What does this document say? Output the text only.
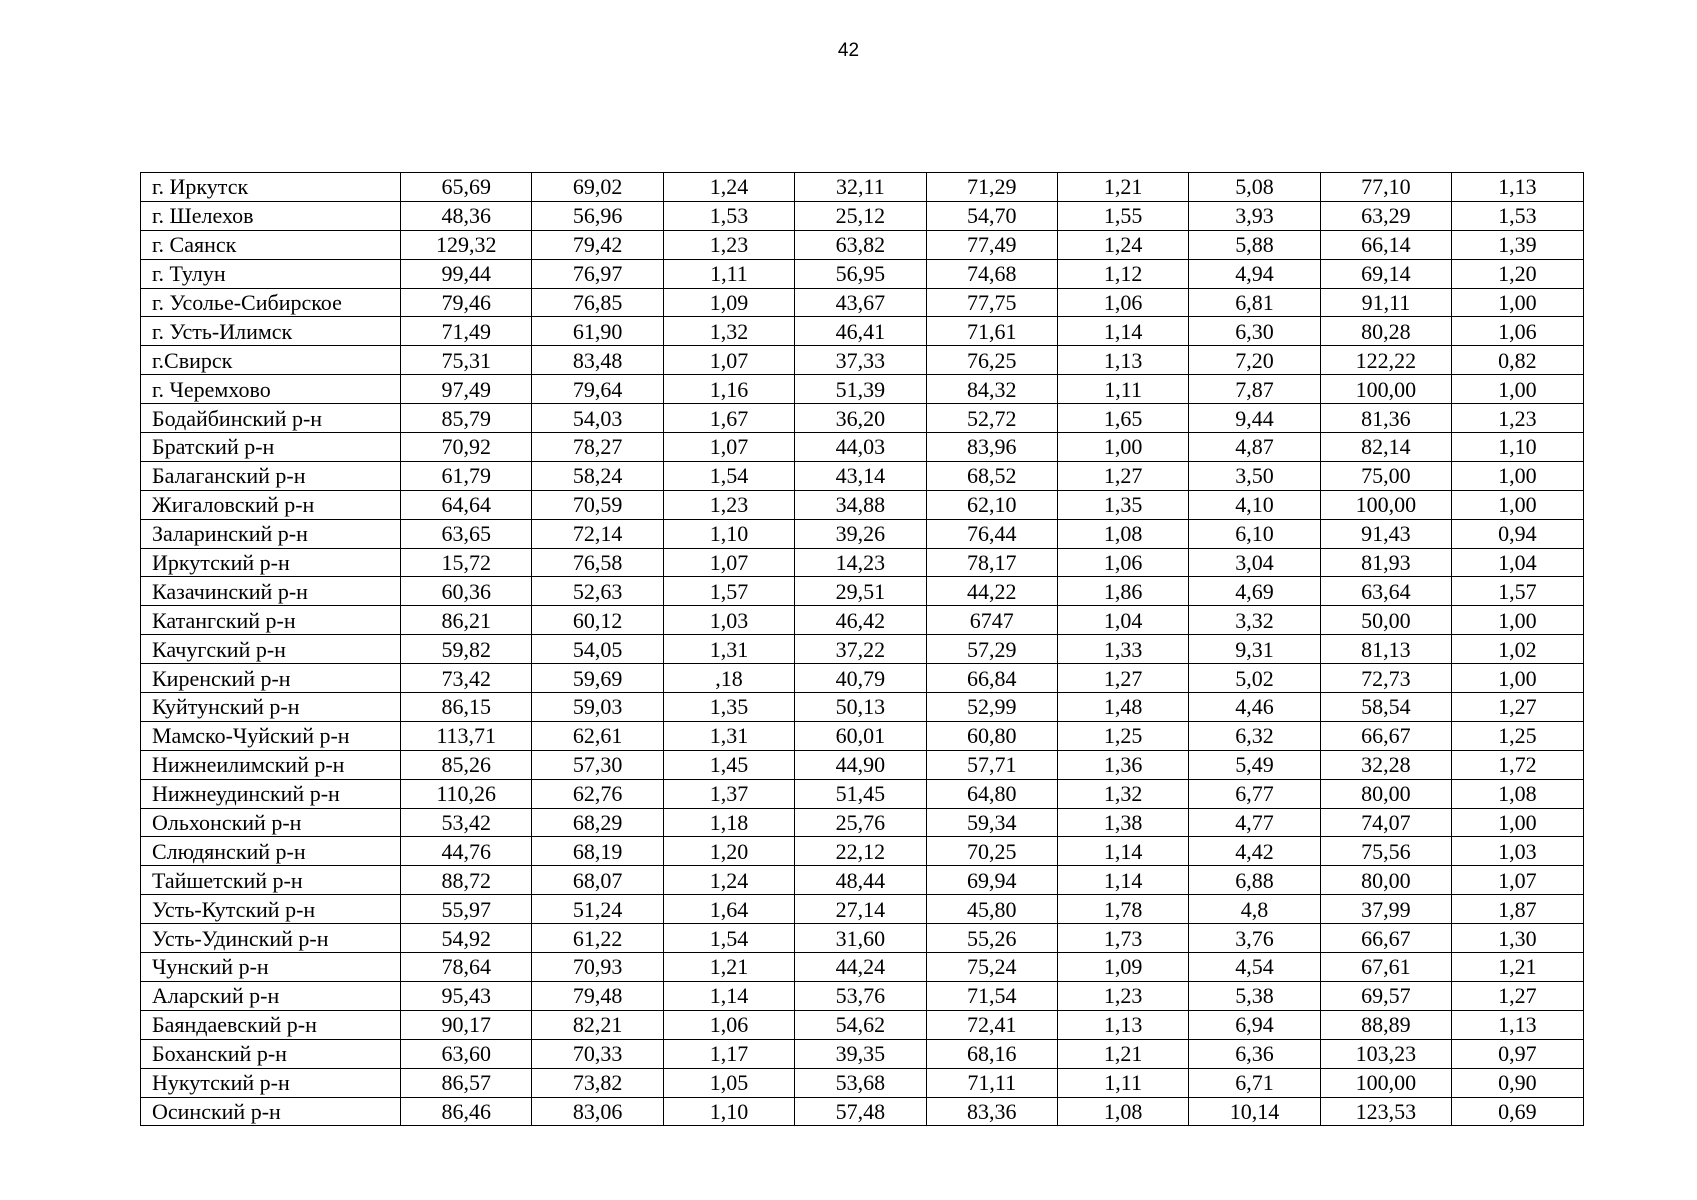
42
г. Иркутск	65,69	69,02	1,24	32,11	71,29	1,21	5,08	77,10	1,13
г. Шелехов	48,36	56,96	1,53	25,12	54,70	1,55	3,93	63,29	1,53
г. Саянск	129,32	79,42	1,23	63,82	77,49	1,24	5,88	66,14	1,39
г. Тулун	99,44	76,97	1,11	56,95	74,68	1,12	4,94	69,14	1,20
г. Усолье-Сибирское	79,46	76,85	1,09	43,67	77,75	1,06	6,81	91,11	1,00
г. Усть-Илимск	71,49	61,90	1,32	46,41	71,61	1,14	6,30	80,28	1,06
г.Свирск	75,31	83,48	1,07	37,33	76,25	1,13	7,20	122,22	0,82
г. Черемхово	97,49	79,64	1,16	51,39	84,32	1,11	7,87	100,00	1,00
Бодайбинский р-н	85,79	54,03	1,67	36,20	52,72	1,65	9,44	81,36	1,23
Братский р-н	70,92	78,27	1,07	44,03	83,96	1,00	4,87	82,14	1,10
Балаганский р-н	61,79	58,24	1,54	43,14	68,52	1,27	3,50	75,00	1,00
Жигаловский р-н	64,64	70,59	1,23	34,88	62,10	1,35	4,10	100,00	1,00
Заларинский р-н	63,65	72,14	1,10	39,26	76,44	1,08	6,10	91,43	0,94
Иркутский р-н	15,72	76,58	1,07	14,23	78,17	1,06	3,04	81,93	1,04
Казачинский р-н	60,36	52,63	1,57	29,51	44,22	1,86	4,69	63,64	1,57
Катангский р-н	86,21	60,12	1,03	46,42	6747	1,04	3,32	50,00	1,00
Качугский р-н	59,82	54,05	1,31	37,22	57,29	1,33	9,31	81,13	1,02
Киренский р-н	73,42	59,69	,18	40,79	66,84	1,27	5,02	72,73	1,00
Куйтунский р-н	86,15	59,03	1,35	50,13	52,99	1,48	4,46	58,54	1,27
Мамско-Чуйский р-н	113,71	62,61	1,31	60,01	60,80	1,25	6,32	66,67	1,25
Нижнеилимский р-н	85,26	57,30	1,45	44,90	57,71	1,36	5,49	32,28	1,72
Нижнеудинский р-н	110,26	62,76	1,37	51,45	64,80	1,32	6,77	80,00	1,08
Ольхонский р-н	53,42	68,29	1,18	25,76	59,34	1,38	4,77	74,07	1,00
Слюдянский р-н	44,76	68,19	1,20	22,12	70,25	1,14	4,42	75,56	1,03
Тайшетский р-н	88,72	68,07	1,24	48,44	69,94	1,14	6,88	80,00	1,07
Усть-Кутский р-н	55,97	51,24	1,64	27,14	45,80	1,78	4,8	37,99	1,87
Усть-Удинский р-н	54,92	61,22	1,54	31,60	55,26	1,73	3,76	66,67	1,30
Чунский р-н	78,64	70,93	1,21	44,24	75,24	1,09	4,54	67,61	1,21
Аларский р-н	95,43	79,48	1,14	53,76	71,54	1,23	5,38	69,57	1,27
Баяндаевский р-н	90,17	82,21	1,06	54,62	72,41	1,13	6,94	88,89	1,13
Боханский р-н	63,60	70,33	1,17	39,35	68,16	1,21	6,36	103,23	0,97
Нукутский р-н	86,57	73,82	1,05	53,68	71,11	1,11	6,71	100,00	0,90
Осинский р-н	86,46	83,06	1,10	57,48	83,36	1,08	10,14	123,53	0,69
